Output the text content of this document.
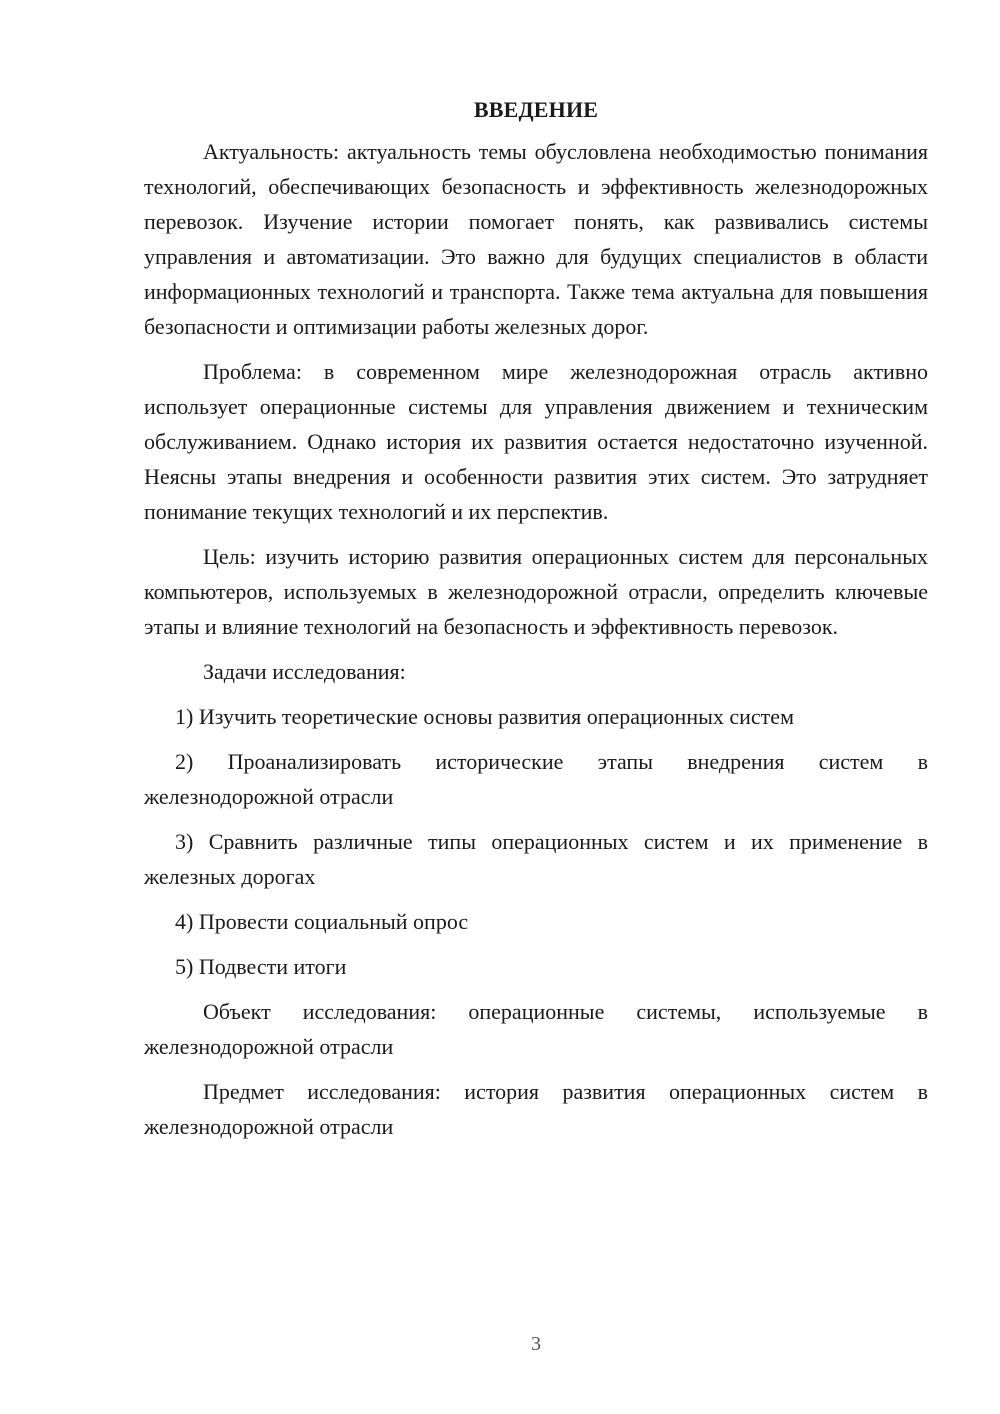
ВВЕДЕНИЕ

Актуальность: актуальность темы обусловлена необходимостью понимания технологий, обеспечивающих безопасность и эффективность железнодорожных перевозок. Изучение истории помогает понять, как развивались системы управления и автоматизации. Это важно для будущих специалистов в области информационных технологий и транспорта. Также тема актуальна для повышения безопасности и оптимизации работы железных дорог.

Проблема: в современном мире железнодорожная отрасль активно использует операционные системы для управления движением и техническим обслуживанием. Однако история их развития остается недостаточно изученной. Неясны этапы внедрения и особенности развития этих систем. Это затрудняет понимание текущих технологий и их перспектив.

Цель: изучить историю развития операционных систем для персональных компьютеров, используемых в железнодорожной отрасли, определить ключевые этапы и влияние технологий на безопасность и эффективность перевозок.

Задачи исследования:

1) Изучить теоретические основы развития операционных систем

2) Проанализировать исторические этапы внедрения систем в железнодорожной отрасли

3) Сравнить различные типы операционных систем и их применение в железных дорогах

4) Провести социальный опрос

5) Подвести итоги

Объект исследования: операционные системы, используемые в железнодорожной отрасли

Предмет исследования: история развития операционных систем в железнодорожной отрасли

3
